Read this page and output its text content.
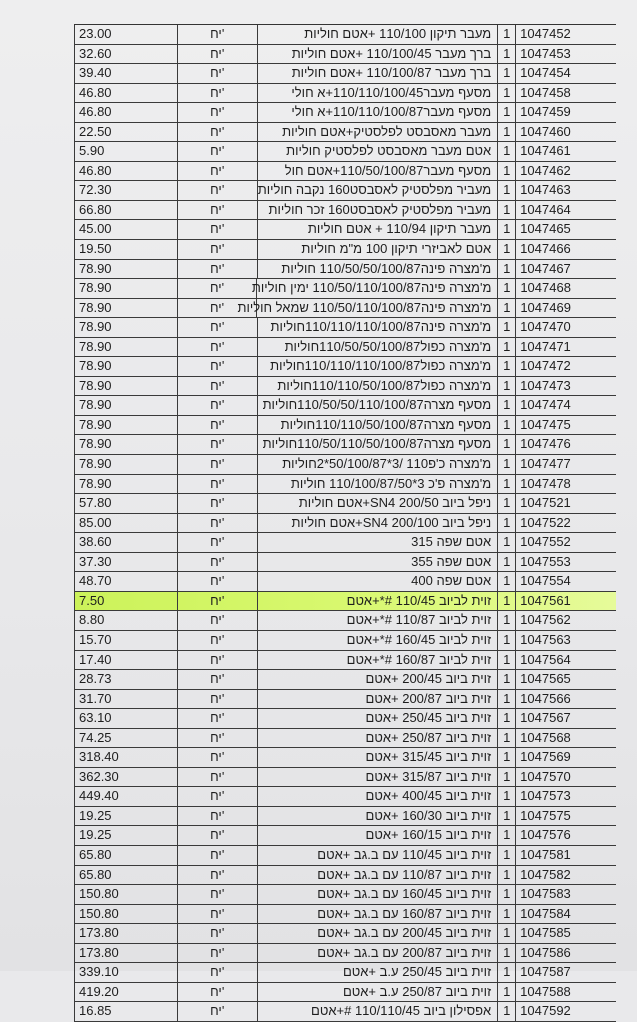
23.00	יח'	מעבר תיקון 110/100 +אטם חוליות 1 1047452
32.60	יח'	ברך מעבר 110/100/45 +אטם חוליות 1 1047453
39.40	יח'	ברך מעבר 110/100/87 +אטם חוליות 1 1047454
46.80	יח'	מסעף מעבר110/110/100/45+א חולי 1 1047458
46.80	יח'	מסעף מעבר110/110/100/87+א חולי 1 1047459
22.50	יח'	מעבר מאסבסט לפלסטיק+אטם חוליות 1 1047460
5.90	יח'	אטם מעבר מאסבסט לפלסטיק חוליות 1 1047461
46.80	יח'	מסעף מעבר110/50/100/87+אטם חול 1 1047462
72.30	יח'	מעביר מפלסטיק לאסבסט160 נקבה חוליות 1 1047463
66.80	יח'	מעביר מפלסטיק לאסבסט160 זכר חוליות 1 1047464
45.00	יח'	מעבר תיקון 110/94 + אטם חוליות 1 1047465
19.50	יח'	אטם לאביזרי תיקון 100 מ"מ חוליות 1 1047466
78.90	יח'	מ'מצרה פינה110/50/50/100/87 חוליות 1 1047467
78.90	יח'	מ'מצרה פינה110/50/110/100/87 ימין חוליות 1 1047468
78.90	יח'	מ'מצרה פינה110/50/110/100/87 שמאל חוליות 1 1047469
78.90	יח'	מ'מצרה פינה110/110/110/100/87חוליות 1 1047470
78.90	יח'	מ'מצרה כפול110/50/50/100/87חוליות 1 1047471
78.90	יח'	מ'מצרה כפול110/110/110/100/87חוליות 1 1047472
78.90	יח'	מ'מצרה כפול110/110/50/100/87חוליות 1 1047473
78.90	יח'	מסעף מצרה110/50/50/110/100/87חוליות 1 1047474
78.90	יח'	מסעף מצרה110/110/50/100/87חוליות 1 1047475
78.90	יח'	מסעף מצרה110/50/110/50/100/87חוליות 1 1047476
78.90	יח'	מ'מצרה כ'פ110 /3*50/100/87*2חוליות 1 1047477
78.90	יח'	מ'מצרה פ'כ 3*110/100/87/50 חוליות 1 1047478
57.80	יח'	ניפל ביוב 200/50 SN4+אטם חוליות 1 1047521
85.00	יח'	ניפל ביוב 200/100 SN4+אטם חוליות 1 1047522
38.60	יח'	אטם שפה 315 1 1047552
37.30	יח'	אטם שפה 355 1 1047553
48.70	יח'	אטם שפה 400 1 1047554
7.50	יח'	זוית לביוב 110/45 #*+אטם 1 1047561
8.80	יח'	זוית לביוב 110/87 #*+אטם 1 1047562
15.70	יח'	זוית לביוב 160/45 #*+אטם 1 1047563
17.40	יח'	זוית לביוב 160/87 #*+אטם 1 1047564
28.73	יח'	זוית ביוב 200/45 +אטם 1 1047565
31.70	יח'	זוית ביוב 200/87 +אטם 1 1047566
63.10	יח'	זוית ביוב 250/45 +אטם 1 1047567
74.25	יח'	זוית ביוב 250/87 +אטם 1 1047568
318.40	יח'	זוית ביוב 315/45 +אטם 1 1047569
362.30	יח'	זוית ביוב 315/87 +אטם 1 1047570
449.40	יח'	זוית ביוב 400/45 +אטם 1 1047573
19.25	יח'	זוית ביוב 160/30 +אטם 1 1047575
19.25	יח'	זוית ביוב 160/15 +אטם 1 1047576
65.80	יח'	זוית ביוב 110/45 עם ב.גב +אטם 1 1047581
65.80	יח'	זוית ביוב 110/87 עם ב.גב +אטם 1 1047582
150.80	יח'	זוית ביוב 160/45 עם ב.גב +אטם 1 1047583
150.80	יח'	זוית ביוב 160/87 עם ב.גב +אטם 1 1047584
173.80	יח'	זוית ביוב 200/45 עם ב.גב +אטם 1 1047585
173.80	יח'	זוית ביוב 200/87 עם ב.גב +אטם 1 1047586
339.10	יח'	זוית ביוב 250/45 ע.ב +אטם 1 1047587
419.20	יח'	זוית ביוב 250/87 ע.ב +אטם 1 1047588
16.85	יח'	אפסילון ביוב 110/110/45 #+אטם 1 1047592
